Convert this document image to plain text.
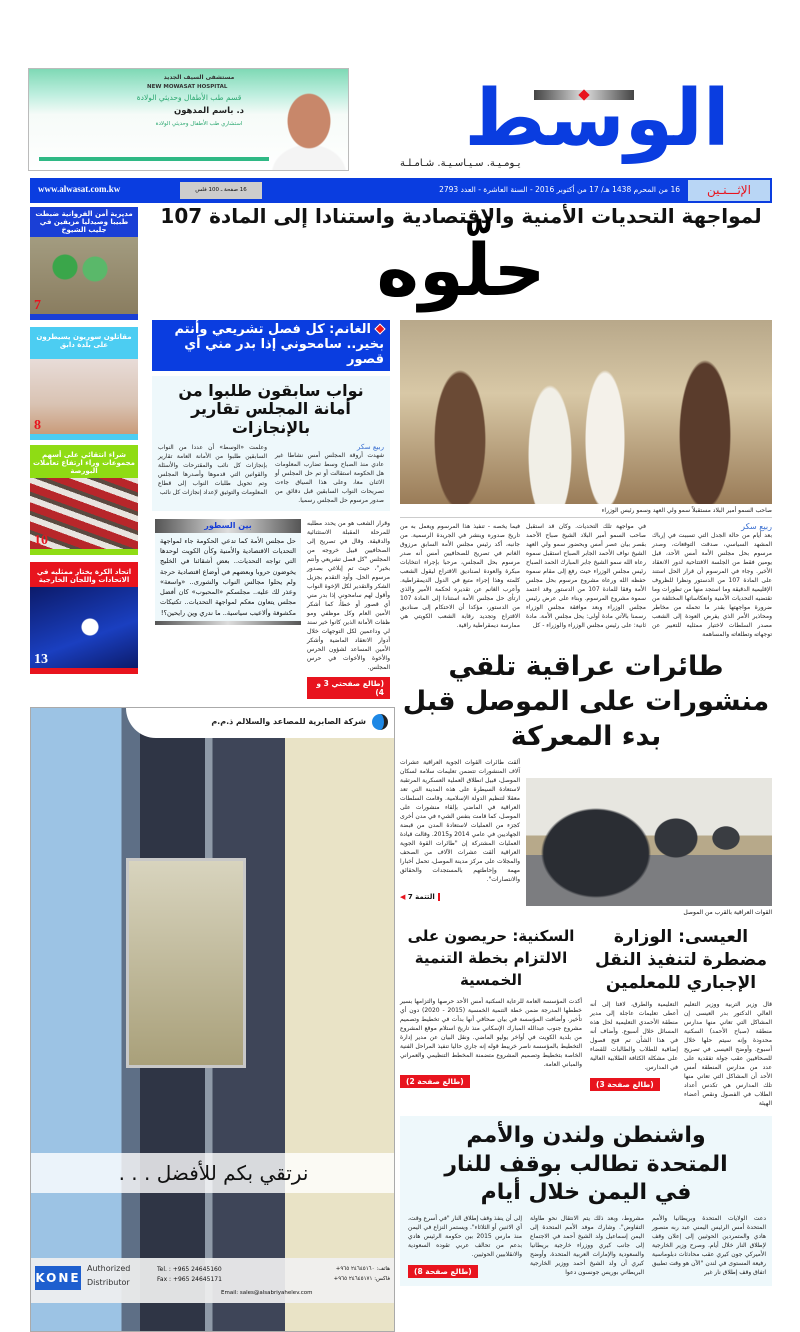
مستشفى السيف الجديد
NEW MOWASAT HOSPITAL
قسم طب الأطفال وحديثي الولادة
د. باسم المدهون
استشاري طب الأطفال وحديثي الولادة	الوسط
يـومـيـة. سـيـاسـيـة. شـامـلـة
الإثـــنـين
16 من المحرم 1438 هـ/ 17 من أكتوبر 2016 - السنة العاشرة - العدد 2793
16 صفحة ـ 100 فلس
www.alwasat.com.kw
مديرية أمن الفروانية ضبطت طبيبا وصيدليا مزيفين في جليب الشيوخ
7
مقاتلون سوريون يسيطرون على بلدة دابق
8
شراء انتقائي على أسهم مجموعات وراء ارتفاع تعاملات البورصة
10
اتحاد الكرة يختار ممثليه في الاتحادات واللجان الخارجية
13
لمواجهة التحديات الأمنية والاقتصادية واستنادا إلى المادة 107
حلّوه
الغانم: كل فصل تشريعي وأنتم بخير.. سامحوني إذا بدر مني أي قصور
نواب سابقون طلبوا من أمانة المجلس تقارير بالإنجازات
ربيع سكر
شهدت أروقة المجلس أمس نشاطا غير عادي منذ الصباح وسط تضارب المعلومات هل الحكومة استقالت أو تم حل المجلس أو الاثنان معا، وعلى هذا السياق جاءت تصريحات النواب السابقين قبل دقائق من صدور مرسوم حل المجلس رسميا.
وعلمت «الوسط» أن عددا من النواب السابقين طلبوا من الأمانة العامة تقارير بإنجازات كل نائب والمقترحات والأسئلة والقوانين التي قدموها وأصدرها المجلس وتم تحويل طلبات النواب إلى قطاع المعلومات والتوثيق لإعداد إنجازات كل نائب
بين السطور
حل مجلس الأمة كما تدعي الحكومة جاء لمواجهة التحديات الاقتصادية والأمنية وكأن الكويت لوحدها التي تواجه التحديات.. بعض أشقائنا في الخليج يخوضون حروبا وبعضهم في أوضاع اقتصادية حرجة ولم يحلوا مجالس النواب والشورى.. «واسعة» وعذر لك عليه.. مجلسكم «المحبوب» كان أفضل مجلس يتعاون معكم لمواجهة التحديات.. تكتيكات مكشوفة وألاعيب سياسية.. ما ندري وين رايحين؟!
وقرار الشعب هو من يحدد مطلبه للمرحلة المقبلة الاستثنائية والدقيقة. وقال في تصريح إلى الصحافيين قبيل خروجه من المجلس "كل فصل تشريعي وأنتم بخير"، حيث تم إبلاغي بصدور مرسوم الحل. وأود التقدم بجزيل الشكر والتقدير لكل الإخوة النواب وأقول لهم سامحوني إذا بدر مني أي قصور أو خطأ، كما أشكر الأمين العام وكل موظفي ومو ظفات الأمانة الذين كانوا خير سند لي وداعمين لكل التوجهات خلال أدوار الانعقاد الماضية وأشكر الأمين المساعد لشؤون الحرس والأخوة والأخوات في حرس المجلس.
(طالع صفحتي 3 و 4)
شركة الصابرية للمصاعد والسلالم ذ.م.م
نرتقي بكم للأفضل . . .
KONE
Authorized
Distributor
Tel. : +965 24645160
Fax : +965 24645171
هاتف: ٢٤٦٤٥١٦٠ ٩٦٥+
فاكس: ٢٤٦٤٥١٧١ ٩٦٥+
Email: sales@alsabriyahelev.com
صاحب السمو أمير البلاد مستقبلاً سمو ولي العهد وسمو رئيس الوزراء
ربيع سكر
بعد أيام من حالة الجدل التي تسببت في إرباك المشهد السياسي، صدقت التوقعات، وصدر مرسوم بحل مجلس الأمة أمس الأحد، قبل يومين فقط من الجلسة الافتتاحية لدور الانعقاد الأخير. وجاء في المرسوم أن قرار الحل استند على المادة 107 من الدستور ونظرا للظروف الإقليمية الدقيقة وما استجد منها من تطورات وما تقتضيه التحديات الأمنية وانعكاساتها المختلفة من ضرورة مواجهتها بقدر ما تحمله من مخاطر ومحاذير الأمر الذي يفرض العودة إلى الشعب مصدر السلطات لاختيار ممثليه للتعبير عن توجهاته وتطلعاته والمساهمة
في مواجهة تلك التحديات. وكان قد استقبل صاحب السمو أمير البلاد الشيخ صباح الأحمد بقصر بيان عصر أمس وبحضور سمو ولي العهد الشيخ نواف الأحمد الجابر الصباح استقبل سموه رعاه الله سمو الشيخ جابر المبارك الحمد الصباح رئيس مجلس الوزراء حيث رفع إلى مقام سموه حفظه الله ورعاه مشروع مرسوم بحل مجلس الأمة وفقا للمادة 107 من الدستور وقد اعتمد سموه مشروع المرسوم. وبناء على عرض رئيس مجلس الوزراء وبعد موافقة مجلس الوزراء رسمنا بالآتي مادة أولى: يحل مجلس الأمة. مادة ثانية: على رئيس مجلس الوزراء والوزراء - كل
فيما يخصه - تنفيذ هذا المرسوم ويعمل به من تاريخ صدوره وينشر في الجريدة الرسمية. من جانبه، أكد رئيس مجلس الأمة السابق مرزوق الغانم في تصريح للصحافيين أمس أنه صدر مرسوم بحل المجلس، مرحبا بإجراء انتخابات مبكرة والعودة لصناديق الاقتراع ليقول الشعب كلمته وهذا إجراء متبع في الدول الديمقراطية. وأعرب الغانم عن تقديره لحكمة الأمير والذي ارتأى حل مجلس الأمة استنادا إلى المادة 107 من الدستور، مؤكدا أن الاحتكام إلى صناديق الاقتراع وتجديد رقابة الشعب الكويتي هي ممارسة ديمقراطية راقية.
طائرات عراقية تلقي منشورات على الموصل قبل بدء المعركة
القوات العراقية بالقرب من الموصل
ألقت طائرات القوات الجوية العراقية عشرات آلاف المنشورات تتضمن تعليمات سلامة لسكان الموصل، قبيل انطلاق العملية العسكرية المرتقبة لاستعادة السيطرة على هذه المدينة التي تعد معقلا لتنظيم الدولة الإسلامية. وقامت السلطات العراقية في الماضي بإلقاء منشورات على الموصل، كما قامت بنفس الشيء في مدن أخرى كجزء من العمليات لاستعادة المدن من قبضة الجهاديين في عامي 2014 و2015. وقالت قيادة العمليات المشتركة إن "طائرات القوة الجوية العراقية ألقت عشرات الآلاف من الصحف والمجلات على مركز مدينة الموصل، تحمل أخبارا مهمة وإحاطتهم بالمستجدات والحقائق والانتصارات".
التتمة 7 ◀
العيسى: الوزارة مضطرة لتنفيذ النقل الإجباري للمعلمين
قال وزير التربية ووزير التعليم العالي الدكتور بدر العيسى إن المشاكل التي تعاني منها مدارس منطقة (صباح الأحمد) السكنية محدودة وإنه سيتم حلها خلال أسبوع. وأوضح العيسى في تصريح للصحافيين عقب جولة تفقدية على عدد من مدارس المنطقة أمس الأحد أن المشاكل التي تعاني منها تلك المدارس هي تكدس أعداد الطلاب في الفصول ونقص أعضاء الهيئة
التعليمية والطرق، لافتا إلى أنه أعطى تعليمات عاجلة إلى مدير منطقة الأحمدي التعليمية لحل هذه المسائل خلال أسبوع. وأضاف أنه في هذا الشأن تم فتح فصول إضافية للطلاب والطالبات للقضاء على مشكلة الكثافة الطلابية العالية في المدارس.
(طالع صفحة 3)
السكنية: حريصون على الالتزام بخطة التنمية الخمسية
أكدت المؤسسة العامة للرعاية السكنية أمس الأحد حرصها والتزامها بسير خططها المدرجة ضمن خطة التنمية الخمسية (2015 - 2020) دون أي تأخير. وأضافت المؤسسة في بيان صحافي أنها بدأت في تخطيط وتصميم مشروع جنوب عبدالله المبارك الإسكاني منذ تاريخ استلام موقع المشروع من بلدية الكويت في أواخر يوليو الماضي. ونقل البيان عن مدير إدارة التخطيط بالمؤسسة ناصر خريبط قوله إنه جاري حاليا تنفيذ المراحل الفنية الخاصة بتخطيط وتصميم المشروع متضمنة المخطط التنظيمي والعمراني والمباني العامة.
(طالع صفحة 2)
واشنطن ولندن والأمم المتحدة تطالب بوقف للنار في اليمن خلال أيام
دعت الولايات المتحدة وبريطانيا والأمم المتحدة أمس الرئيس اليمني عبد ربه منصور هادي والمتمردين الحوثيين إلى إعلان وقف لإطلاق النار خلال أيام. وصرح وزير الخارجية الأميركي جون كيري عقب محادثات دبلوماسية رفيعة المستوى في لندن "الآن هو وقت تطبيق اتفاق وقف إطلاق نار غير
مشروط، وبعد ذلك يتم الانتقال نحو طاولة التفاوض". وشارك موفد الأمم المتحدة إلى اليمن إسماعيل ولد الشيخ أحمد في الاجتماع إلى جانب كيري ووزراء خارجية بريطانيا والسعودية والإمارات العربية المتحدة. وأوضح كيري أن ولد الشيخ أحمد ووزير الخارجية البريطاني بوريس جونسون دعوا
إلى أن ينفذ وقف إطلاق النار "في أسرع وقت، أي الاثنين أو الثلاثاء". ويستمر النزاع في اليمن منذ مارس 2015 بين حكومة الرئيس هادي بدعم من تحالف عربي تقوده السعودية والانقلابيين الحوثيين.
(طالع صفحة 8)
